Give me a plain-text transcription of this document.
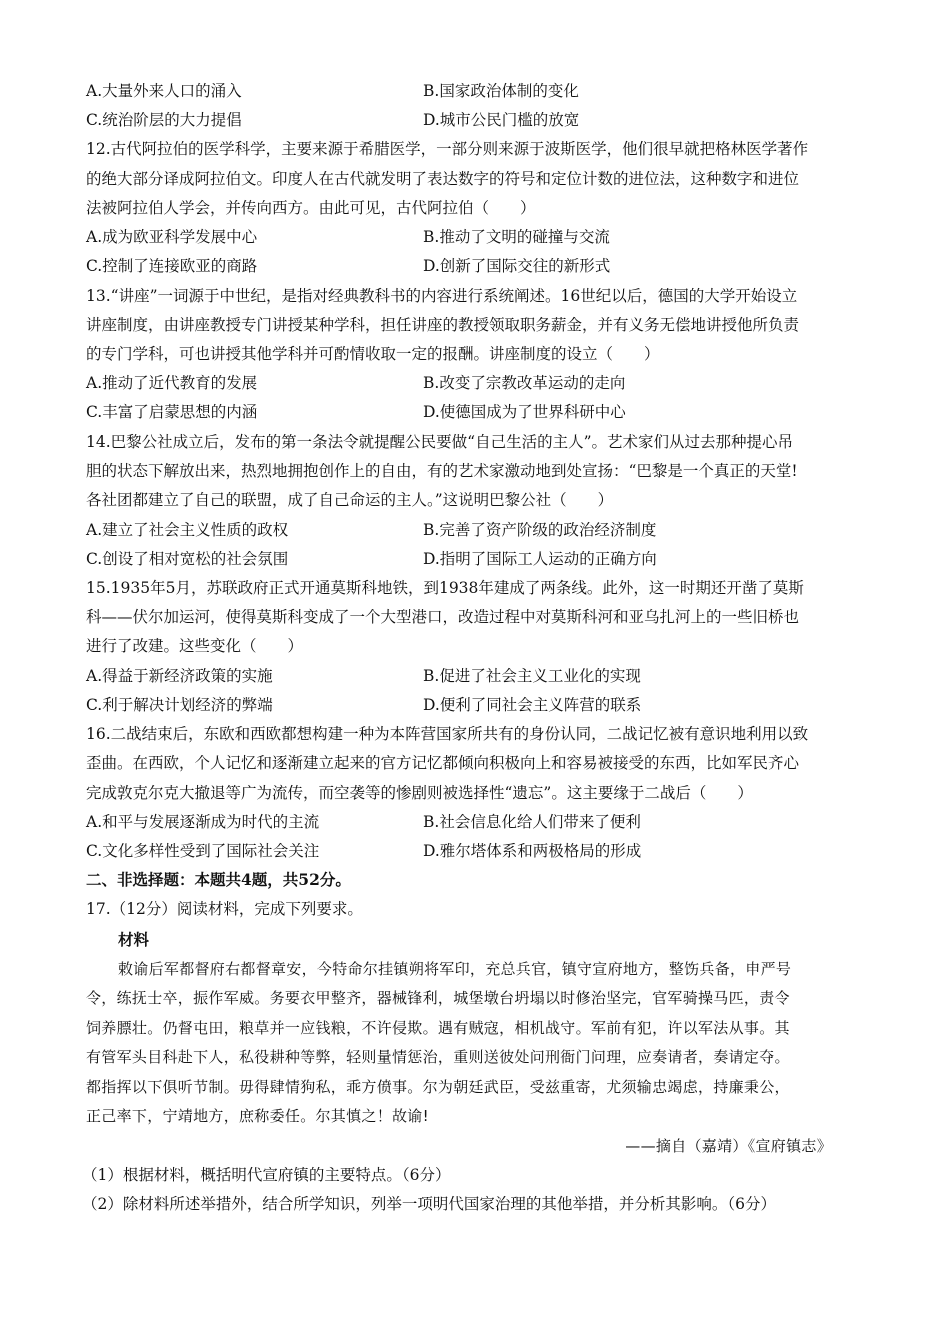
A.大量外来人口的涌入	B.国家政治体制的变化
C.统治阶层的大力提倡	D.城市公民门槛的放宽
12.古代阿拉伯的医学科学，主要来源于希腊医学，一部分则来源于波斯医学，他们很早就把格林医学著作
的绝大部分译成阿拉伯文。印度人在古代就发明了表达数字的符号和定位计数的进位法，这种数字和进位
法被阿拉伯人学会，并传向西方。由此可见，古代阿拉伯（　　）
A.成为欧亚科学发展中心	B.推动了文明的碰撞与交流
C.控制了连接欧亚的商路	D.创新了国际交往的新形式
13.“讲座”一词源于中世纪，是指对经典教科书的内容进行系统阐述。16世纪以后，德国的大学开始设立
讲座制度，由讲座教授专门讲授某种学科，担任讲座的教授领取职务薪金，并有义务无偿地讲授他所负责
的专门学科，可也讲授其他学科并可酌情收取一定的报酬。讲座制度的设立（　　）
A.推动了近代教育的发展	B.改变了宗教改革运动的走向
C.丰富了启蒙思想的内涵	D.使德国成为了世界科研中心
14.巴黎公社成立后，发布的第一条法令就提醒公民要做“自己生活的主人”。艺术家们从过去那种提心吊
胆的状态下解放出来，热烈地拥抱创作上的自由，有的艺术家激动地到处宣扬：“巴黎是一个真正的天堂!
各社团都建立了自己的联盟，成了自己命运的主人。”这说明巴黎公社（　　）
A.建立了社会主义性质的政权	B.完善了资产阶级的政治经济制度
C.创设了相对宽松的社会氛围	D.指明了国际工人运动的正确方向
15.1935年5月，苏联政府正式开通莫斯科地铁，到1938年建成了两条线。此外，这一时期还开凿了莫斯
科——伏尔加运河，使得莫斯科变成了一个大型港口，改造过程中对莫斯科河和亚乌扎河上的一些旧桥也
进行了改建。这些变化（　　）
A.得益于新经济政策的实施	B.促进了社会主义工业化的实现
C.利于解决计划经济的弊端	D.便利了同社会主义阵营的联系
16.二战结束后，东欧和西欧都想构建一种为本阵营国家所共有的身份认同，二战记忆被有意识地利用以致
歪曲。在西欧，个人记忆和逐渐建立起来的官方记忆都倾向积极向上和容易被接受的东西，比如军民齐心
完成敦克尔克大撤退等广为流传，而空袭等的惨剧则被选择性“遗忘”。这主要缘于二战后（　　）
A.和平与发展逐渐成为时代的主流	B.社会信息化给人们带来了便利
C.文化多样性受到了国际社会关注	D.雅尔塔体系和两极格局的形成
二、非选择题：本题共4题，共52分。
17.（12分）阅读材料，完成下列要求。
材料
敕谕后军都督府右都督章安，今特命尔挂镇朔将军印，充总兵官，镇守宣府地方，整饬兵备，申严号
令，练抚士卒，振作军威。务要衣甲整齐，器械锋利，城堡墩台坍塌以时修治坚完，官军骑操马匹，责令
饲养膘壮。仍督屯田，粮草并一应钱粮，不许侵欺。遇有贼寇，相机战守。军前有犯，许以军法从事。其
有管军头目科赴下人，私役耕种等弊，轻则量情惩治，重则送彼处问刑衙门问理，应奏请者，奏请定夺。
都指挥以下俱听节制。毋得肆情狗私，乖方偾事。尔为朝廷武臣，受兹重寄，尤须输忠竭虑，持廉秉公，
正己率下，宁靖地方，庶称委任。尔其慎之！故谕!
——摘自（嘉靖）《宣府镇志》
（1）根据材料，概括明代宣府镇的主要特点。（6分）
（2）除材料所述举措外，结合所学知识，列举一项明代国家治理的其他举措，并分析其影响。（6分）
